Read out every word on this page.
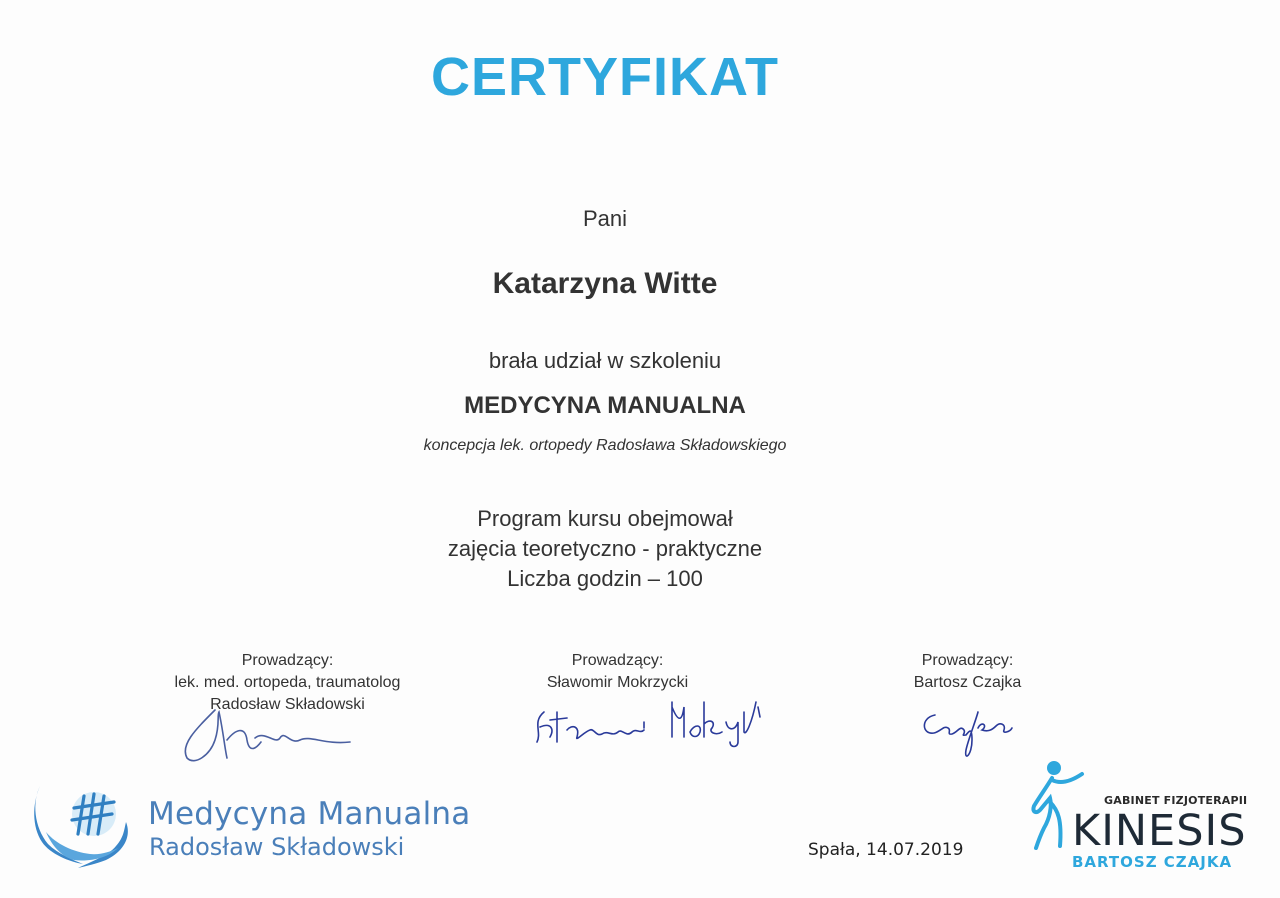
CERTYFIKAT
Pani
Katarzyna Witte
brała udział w szkoleniu
MEDYCYNA MANUALNA
koncepcja lek. ortopedy Radosława Składowskiego
Program kursu obejmował
zajęcia teoretyczno - praktyczne
Liczba godzin – 100
Prowadzący:
lek. med. ortopeda, traumatolog
Radosław Składowski
Prowadzący:
Sławomir Mokrzycki
Prowadzący:
Bartosz Czajka
Medycyna Manualna
Radosław Składowski	Spała, 14.07.2019
GABINET FIZJOTERAPII
KINESIS
BARTOSZ CZAJKA
